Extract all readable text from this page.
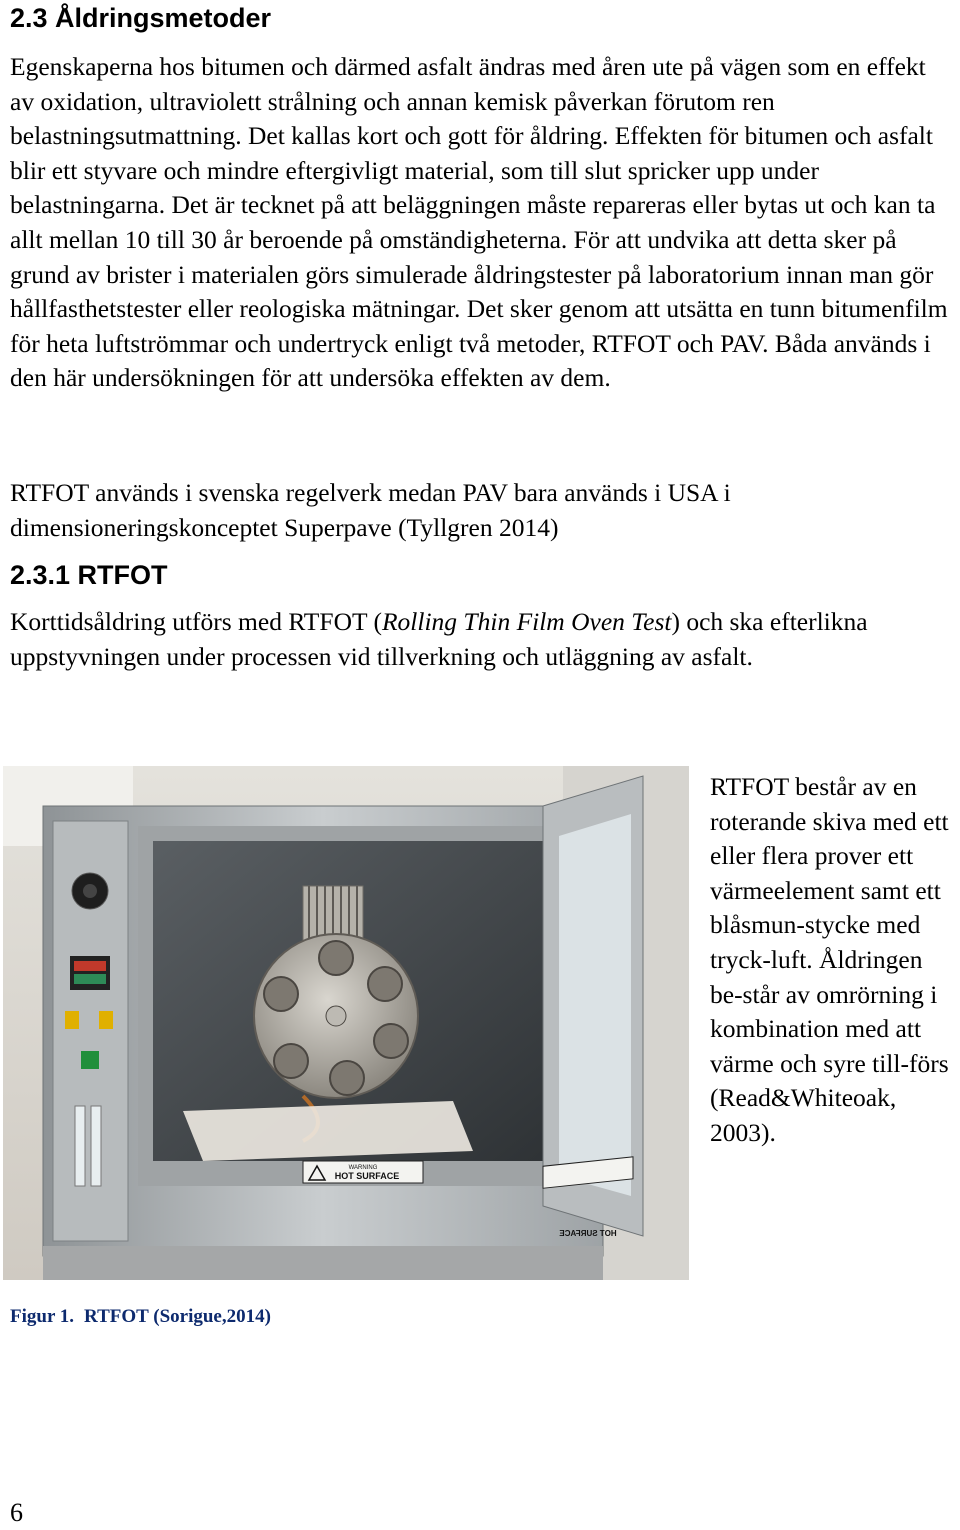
2.3 Åldringsmetoder

Egenskaperna hos bitumen och därmed asfalt ändras med åren ute på vägen som en effekt av oxidation, ultraviolett strålning och annan kemisk påverkan förutom ren belastningsutmattning. Det kallas kort och gott för åldring. Effekten för bitumen och asfalt blir ett styvare och mindre eftergivligt material, som till slut spricker upp under belastningarna. Det är tecknet på att beläggningen måste repareras eller bytas ut och kan ta allt mellan 10 till 30 år beroende på omständigheterna. För att undvika att detta sker på grund av brister i materialen görs simulerade åldringstester på laboratorium innan man gör hållfasthetstester eller reologiska mätningar. Det sker genom att utsätta en tunn bitumenfilm för heta luftströmmar och undertryck enligt två metoder, RTFOT och PAV. Båda används i den här undersökningen för att undersöka effekten av dem.

RTFOT används i svenska regelverk medan PAV bara används i USA i dimensioneringskonceptet Superpave (Tyllgren 2014)

2.3.1 RTFOT

Korttidsåldring utförs med RTFOT (Rolling Thin Film Oven Test) och ska efterlikna uppstyvningen under processen vid tillverkning och utläggning av asfalt.

WARNING
HOT SURFACE
HOT SURFACE

RTFOT består av en roterande skiva med ett eller flera prover ett värmeelement samt ett blåsmun-stycke med tryck-luft. Åldringen be-står av omrörning i kombination med att värme och syre till-förs (Read&Whiteoak, 2003).

Figur 1. RTFOT (Sorigue,2014)
6
